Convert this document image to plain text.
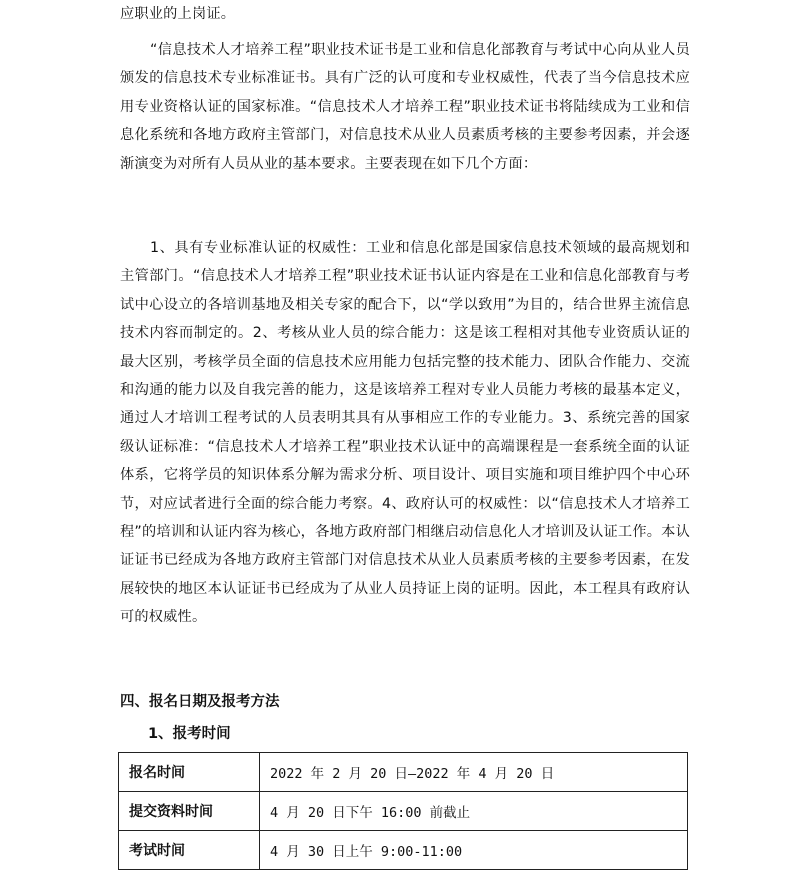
应职业的上岗证。

“信息技术人才培养工程”职业技术证书是工业和信息化部教育与考试中心向从业人员颁发的信息技术专业标准证书。具有广泛的认可度和专业权威性，代表了当今信息技术应用专业资格认证的国家标准。“信息技术人才培养工程”职业技术证书将陆续成为工业和信息化系统和各地方政府主管部门，对信息技术从业人员素质考核的主要参考因素，并会逐渐演变为对所有人员从业的基本要求。主要表现在如下几个方面：

1、具有专业标准认证的权威性：工业和信息化部是国家信息技术领域的最高规划和主管部门。“信息技术人才培养工程”职业技术证书认证内容是在工业和信息化部教育与考试中心设立的各培训基地及相关专家的配合下，以“学以致用”为目的，结合世界主流信息技术内容而制定的。2、考核从业人员的综合能力：这是该工程相对其他专业资质认证的最大区别，考核学员全面的信息技术应用能力包括完整的技术能力、团队合作能力、交流和沟通的能力以及自我完善的能力，这是该培养工程对专业人员能力考核的最基本定义，通过人才培训工程考试的人员表明其具有从事相应工作的专业能力。3、系统完善的国家级认证标准：“信息技术人才培养工程”职业技术认证中的高端课程是一套系统全面的认证体系，它将学员的知识体系分解为需求分析、项目设计、项目实施和项目维护四个中心环节，对应试者进行全面的综合能力考察。4、政府认可的权威性：以“信息技术人才培养工程”的培训和认证内容为核心，各地方政府部门相继启动信息化人才培训及认证工作。本认证证书已经成为各地方政府主管部门对信息技术从业人员素质考核的主要参考因素，在发展较快的地区本认证证书已经成为了从业人员持证上岗的证明。因此，本工程具有政府认可的权威性。

四、报名日期及报考方法
1、报考时间
报名时间	2022 年 2 月 20 日—2022 年 4 月 20 日
提交资料时间	4 月 20 日下午 16:00 前截止
考试时间	4 月 30 日上午 9:00-11:00
